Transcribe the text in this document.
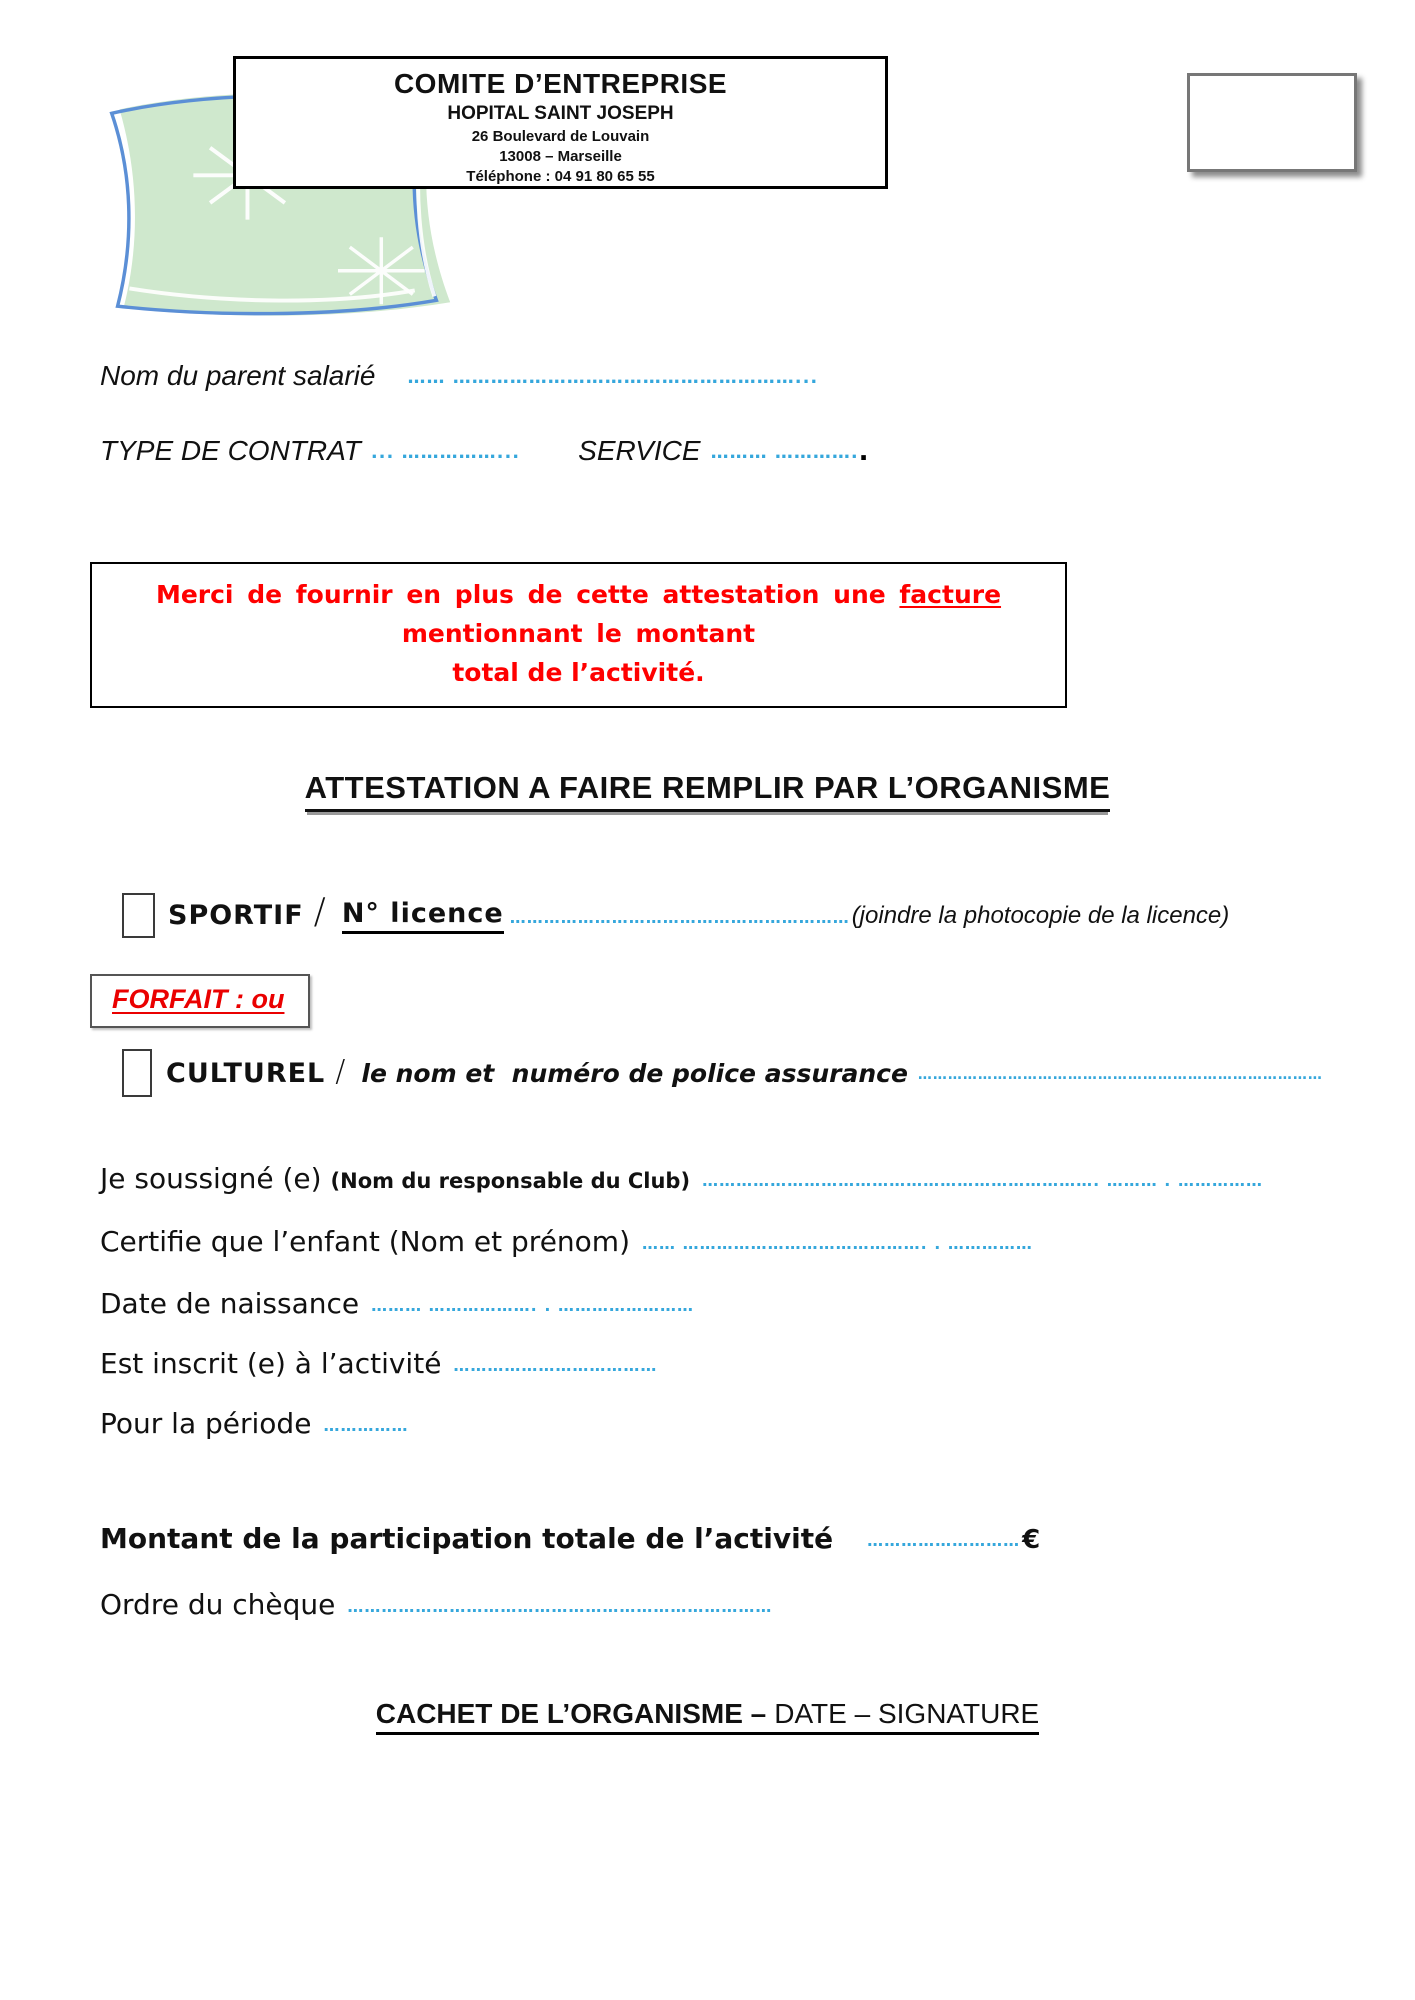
COMITE D’ENTREPRISE
HOPITAL SAINT JOSEPH
26 Boulevard de Louvain
13008 – Marseille
Téléphone : 04 91 80 65 55
Nom du parent salarié …… ………………………………………………...
TYPE DE CONTRAT ... ……………... SERVICE ……… …………. .
Merci de fournir en plus de cette attestation une facture mentionnant le montant
total de l’activité.
ATTESTATION A FAIRE REMPLIR PAR L’ORGANISME
SPORTIF / N° licence …………………………………………………… (joindre la photocopie de la licence)
FORFAIT : ou
CULTUREL / le nom et  numéro de police assurance ………………………………………………………………………
Je soussigné (e) (Nom du responsable du Club) ……………………………………………………………. ……… . ……………
Certifie que l’enfant (Nom et prénom) …… ……………………………………. . ……………
Date de naissance ……… ………………. . ……………………
Est inscrit (e) à l’activité ………………………………
Pour la période ……………
Montant de la participation totale de l’activité ……………………… €
Ordre du chèque …………………………………………………………………
CACHET DE L’ORGANISME – DATE – SIGNATURE
